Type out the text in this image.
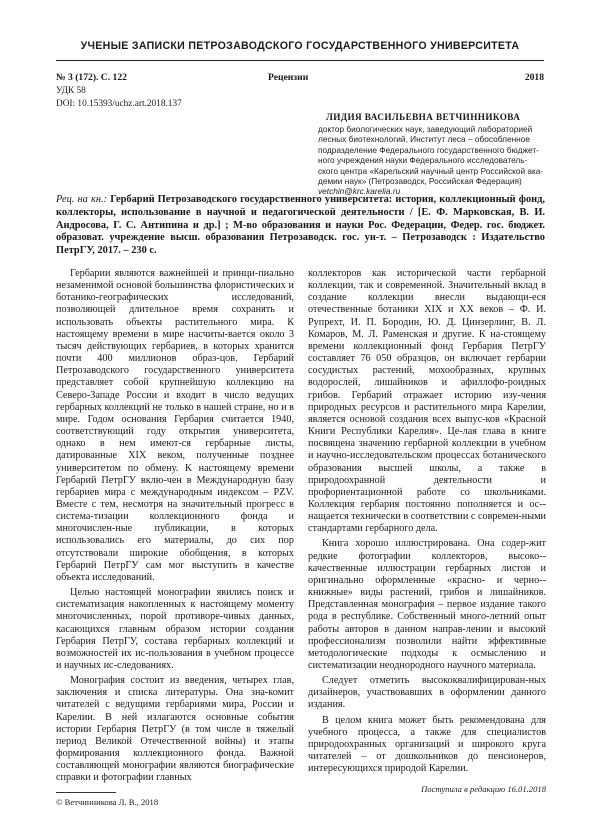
УЧЕНЫЕ ЗАПИСКИ ПЕТРОЗАВОДСКОГО ГОСУДАРСТВЕННОГО УНИВЕРСИТЕТА
№ 3 (172). С. 122	Рецензии	2018
УДК 58
DOI: 10.15393/uchz.art.2018.137
ЛИДИЯ ВАСИЛЬЕВНА ВЕТЧИННИКОВА
доктор биологических наук, заведующий лабораторией
лесных биотехнологий, Институт леса – обособленное
подразделение Федерального государственного бюджет-
ного учреждения науки Федерального исследователь-
ского центра «Карельский научный центр Российской ака-
демии наук» (Петрозаводск, Российская Федерация)
vetchin@krc.karelia.ru
Рец. на кн.: Гербарий Петрозаводского государственного университета: история, коллекционный фонд, коллекторы, использование в научной и педагогической деятельности / [Е. Ф. Марковская, В. И. Андросова, Г. С. Антипина и др.] ; М-во образования и науки Рос. Федерации, Федер. гос. бюджет. образоват. учреждение высш. образования Петрозаводск. гос. ун-т. – Петрозаводск : Издательство ПетрГУ, 2017. – 230 с.

Гербарии являются важнейшей и принци-пиально незаменимой основой большинства флористических и ботанико-географических исследований, позволяющей длительное время сохранять и использовать объекты растительного мира. К настоящему времени в мире насчиты-вается около 3 тысяч действующих гербариев, в которых хранится почти 400 миллионов образ-цов. Гербарий Петрозаводского государственного университета представляет собой крупнейшую коллекцию на Северо-Западе России и входит в число ведущих гербарных коллекций не только в нашей стране, но и в мире. Годом основания Гербария считается 1940, соответствующий году открытия университета, однако в нем имеют-ся гербарные листы, датированные XIX веком, полученные позднее университетом по обмену. К настоящему времени Гербарий ПетрГУ вклю-чен в Международную базу гербариев мира с международным индексом – PZV. Вместе с тем, несмотря на значительный прогресс в система-тизации коллекционного фонда и многочислен-ные публикации, в которых использовались его материалы, до сих пор отсутствовали широкие обобщения, в которых Гербарий ПетрГУ сам мог выступить в качестве объекта исследований.

Целью настоящей монографии явились поиск и систематизация накопленных к настоящему моменту многочисленных, порой противоре-чивых данных, касающихся главным образом истории создания Гербария ПетрГУ, состава гербарных коллекций и возможностей их ис-пользования в учебном процессе и научных ис-следованиях.

Монография состоит из введения, четырех глав, заключения и списка литературы. Она зна-комит читателей с ведущими гербариями мира, России и Карелии. В ней излагаются основные события истории Гербария ПетрГУ (в том числе в тяжелый период Великой Отечественной войны) и этапы формирования коллекционного фонда. Важной составляющей монографии являются биографические справки и фотографии главных

коллекторов как исторической части гербарной коллекции, так и современной. Значительный вклад в создание коллекции внесли выдающи-еся отечественные ботаники XIX и XX веков – Ф. И. Рупрехт, И. П. Бородин, Ю. Д. Цинзерлинг, В. Л. Комаров, М. Л. Раменская и другие. К на-стоящему времени коллекционный фонд Гербария ПетрГУ составляет 76 050 образцов, он включает гербарии сосудистых растений, мохообразных, крупных водорослей, лишайников и афиллофо-роидных грибов. Гербарий отражает историю изу-чения природных ресурсов и растительного мира Карелии, является основой создания всех выпус-ков «Красной Книги Республики Карелия». Це-лая глава в книге посвящена значению гербарной коллекции в учебном и научно-исследовательском процессах ботанического образования высшей школы, а также в природоохранной деятельности и профориентационной работе со школьниками. Коллекция гербария постоянно пополняется и ос-нащается технически в соответствии с современ-ными стандартами гербарного дела.

Книга хорошо иллюстрирована. Она содер-жит редкие фотографии коллекторов, высоко-качественные иллюстрации гербарных листов и оригинально оформленные «красно- и черно-книжные» виды растений, грибов и лишайников. Представленная монография – первое издание такого рода в республике. Собственный много-летний опыт работы авторов в данном направ-лении и высокий профессионализм позволили найти эффективные методологические подходы к осмыслению и систематизации неоднородного научного материала.

Следует отметить высококвалифицирован-ных дизайнеров, участвовавших в оформлении данного издания.

В целом книга может быть рекомендована для учебного процесса, а также для специалистов природоохранных организаций и широкого круга читателей – от дошкольников до пенсионеров, интересующихся природой Карелии.

Поступила в редакцию 16.01.2018
© Ветчинникова Л. В., 2018
